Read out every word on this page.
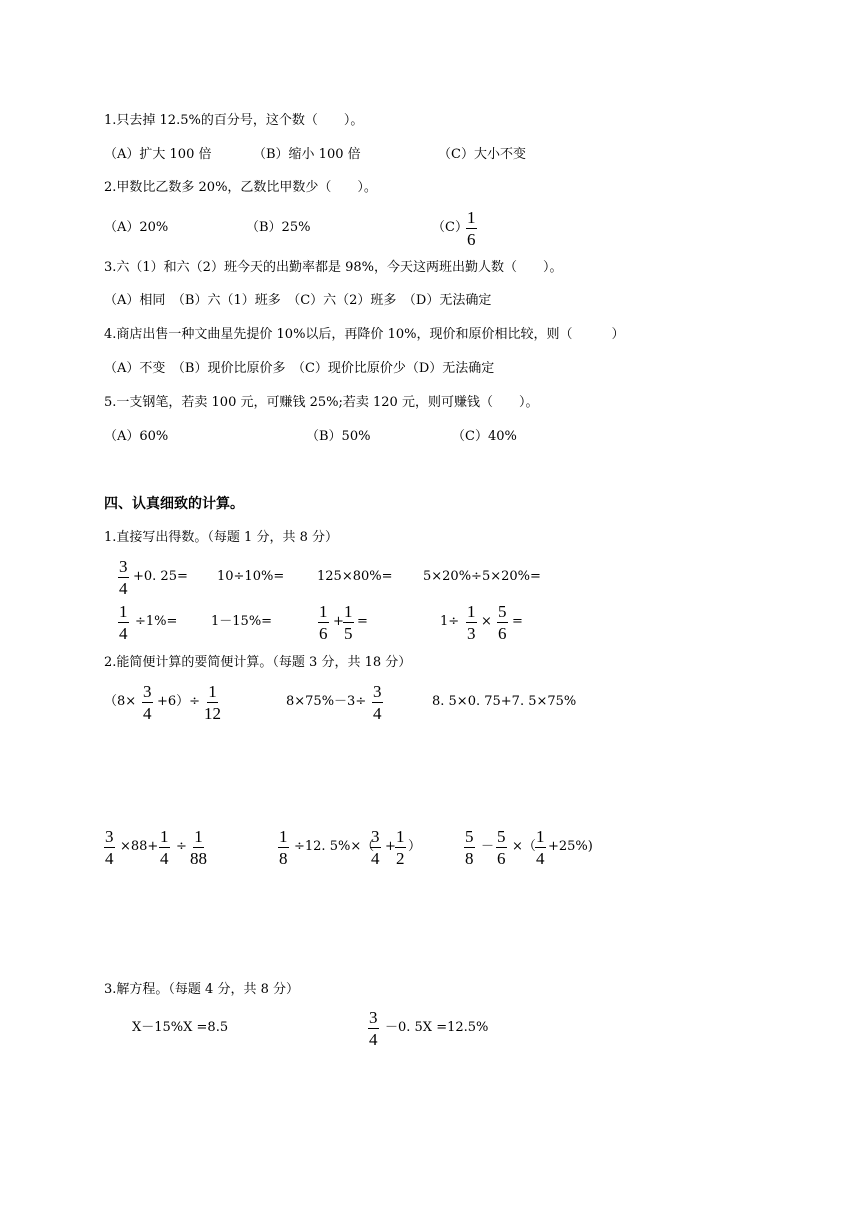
1.只去掉 12.5%的百分号，这个数（　　）。
（A）扩大 100 倍	（B）缩小 100 倍	（C）大小不变
2.甲数比乙数多 20%，乙数比甲数少（　　）。
（A）20%	（B）25%	（C）
$\frac{1}{6}$
3.六（1）和六（2）班今天的出勤率都是 98%，今天这两班出勤人数（　　）。
（A）相同　（B）六（1）班多　（C）六（2）班多　（D）无法确定
4.商店出售一种文曲星先提价 10%以后，再降价 10%，现价和原价相比较，则（　　　）
（A）不变　（B）现价比原价多　（C）现价比原价少（D）无法确定
5.一支钢笔，若卖 100 元，可赚钱 25%;若卖 120 元，则可赚钱（　　）。
（A）60%	（B）50%	（C）40%
四、认真细致的计算。
1.直接写出得数。（每题 1 分，共 8 分）
$\frac{3}{4} +0$. 25= 10÷10%=	125×80%= 5×20%÷5×20%=
$\frac{1}{4} \div 1\%=$	1－15%=	$\frac{1}{6} + \frac{1}{5}$ =	$1\div \frac{1}{3} \times \frac{5}{6}$ =
2.能简便计算的要简便计算。（每题 3 分，共 18 分）
$(8\times \frac{3}{4} +6)\div \frac{1}{12}$	$8\times 75\%-3\div \frac{3}{4}$	8. 5×0. 75+7. 5×75%
$\frac{3}{4} \times 88+ \frac{1}{4} \div \frac{1}{88}$	$\frac{1}{8} \div 12$. 5%×（
$\frac{3}{4} + \frac{1}{2}$ ）	$\frac{5}{8} - \frac{5}{6}$ ×（ $\frac{1}{4} +25\%$)
3.解方程。（每题 4 分，共 8 分）
X－15%X =8.5	$\frac{3}{4} -0$. 5X =12.5%
